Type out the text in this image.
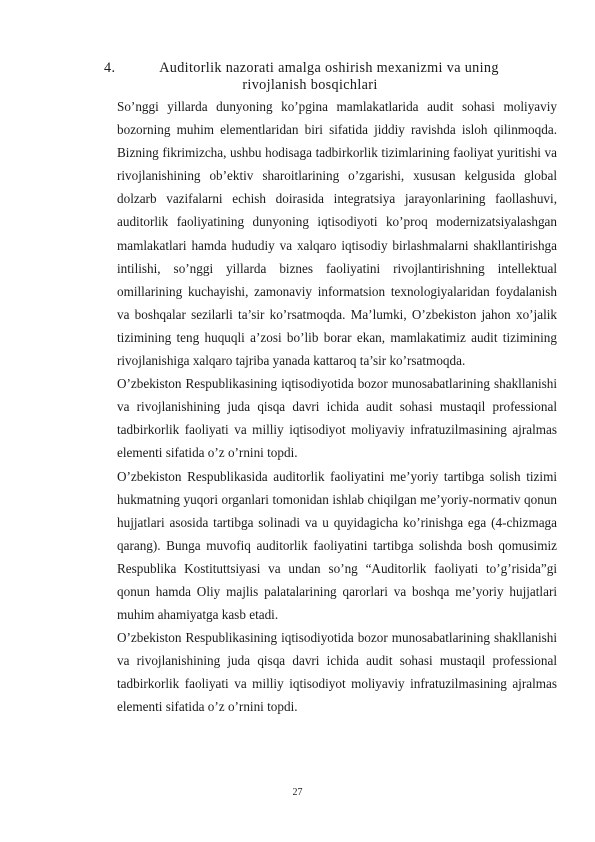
4.	Auditorlik nazorati amalga oshirish mexanizmi va uning
rivojlanish bosqichlari

So’nggi yillarda dunyoning ko’pgina mamlakatlarida audit sohasi moliyaviy bozorning muhim elementlaridan biri sifatida jiddiy ravishda isloh qilinmoqda. Bizning fikrimizcha, ushbu hodisaga tadbirkorlik tizimlarining faoliyat yuritishi va rivojlanishining ob’ektiv sharoitlarining o’zgarishi, xususan kelgusida global dolzarb vazifalarni echish doirasida integratsiya jarayonlarining faollashuvi, auditorlik faoliyatining dunyoning iqtisodiyoti ko’proq modernizatsiyalashgan mamlakatlari hamda hududiy va xalqaro iqtisodiy birlashmalarni shakllantirishga intilishi, so’nggi yillarda biznes faoliyatini rivojlantirishning intellektual omillarining kuchayishi, zamonaviy informatsion texnologiyalaridan foydalanish va boshqalar sezilarli ta’sir ko’rsatmoqda. Ma’lumki, O’zbekiston jahon xo’jalik tizimining teng huquqli a’zosi bo’lib borar ekan, mamlakatimiz audit tizimining rivojlanishiga xalqaro tajriba yanada kattaroq ta’sir ko’rsatmoqda.

O’zbekiston Respublikasining iqtisodiyotida bozor munosabatlarining shakllanishi va rivojlanishining juda qisqa davri ichida audit sohasi mustaqil professional tadbirkorlik faoliyati va milliy iqtisodiyot moliyaviy infratuzilmasining ajralmas elementi sifatida o’z o’rnini topdi.

O’zbekiston Respublikasida auditorlik faoliyatini me’yoriy tartibga solish tizimi hukmatning yuqori organlari tomonidan ishlab chiqilgan me’yoriy-normativ qonun hujjatlari asosida tartibga solinadi va u quyidagicha ko’rinishga ega (4-chizmaga qarang). Bunga muvofiq auditorlik faoliyatini tartibga solishda bosh qomusimiz Respublika Kostituttsiyasi va undan so’ng “Auditorlik faoliyati to’g’risida”gi qonun hamda Oliy majlis palatalarining qarorlari va boshqa me’yoriy hujjatlari muhim ahamiyatga kasb etadi.

O’zbekiston Respublikasining iqtisodiyotida bozor munosabatlarining shakllanishi va rivojlanishining juda qisqa davri ichida audit sohasi mustaqil professional tadbirkorlik faoliyati va milliy iqtisodiyot moliyaviy infratuzilmasining ajralmas elementi sifatida o’z o’rnini topdi.

27
